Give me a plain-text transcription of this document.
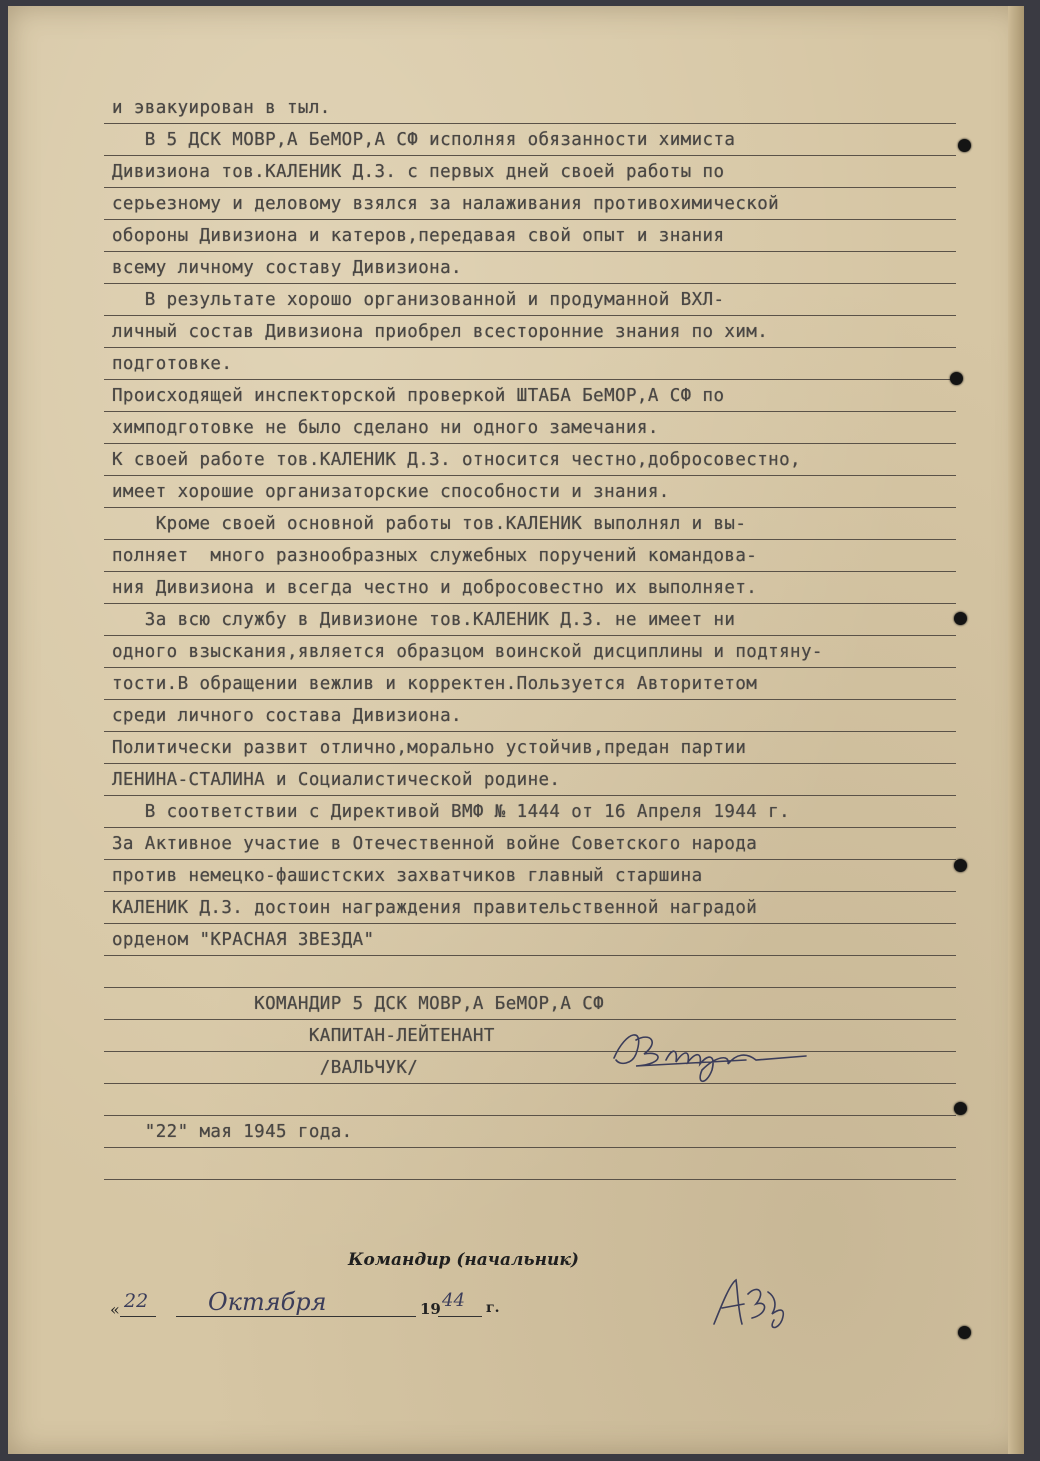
и эвакуирован в тыл.
В 5 ДСК МОВР,А БеМОР,А СФ исполняя обязанности химиста
Дивизиона тов.КАЛЕНИК Д.З. с первых дней своей работы по
серьезному и деловому взялся за налаживания противохимической
обороны Дивизиона и катеров,передавая свой опыт и знания
всему личному составу Дивизиона.
В результате хорошо организованной и продуманной ВХЛ-
личный состав Дивизиона приобрел всесторонние знания по хим.
подготовке.
Происходящей инспекторской проверкой ШТАБА БеМОР,А СФ по
химподготовке не было сделано ни одного замечания.
К своей работе тов.КАЛЕНИК Д.З. относится честно,добросовестно,
имеет хорошие организаторские способности и знания.
Кроме своей основной работы тов.КАЛЕНИК выполнял и вы-
полняет  много разнообразных служебных поручений командова-
ния Дивизиона и всегда честно и добросовестно их выполняет.
За всю службу в Дивизионе тов.КАЛЕНИК Д.З. не имеет ни
одного взыскания,является образцом воинской дисциплины и подтяну-
тости.В обращении вежлив и корректен.Пользуется Авторитетом
среди личного состава Дивизиона.
Политически развит отлично,морально устойчив,предан партии
ЛЕНИНА-СТАЛИНА и Социалистической родине.
В соответствии с Директивой ВМФ № 1444 от 16 Апреля 1944 г.
За Активное участие в Отечественной войне Советского народа
против немецко-фашистских захватчиков главный старшина
КАЛЕНИК Д.З. достоин награждения правительственной наградой
орденом "КРАСНАЯ ЗВЕЗДА"
КОМАНДИР 5 ДСК МОВР,А БеМОР,А СФ
КАПИТАН-ЛЕЙТЕНАНТ
/ВАЛЬЧУК/
"22" мая 1945 года.
Командир (начальник)
« 22 Октября	19 44 г.
